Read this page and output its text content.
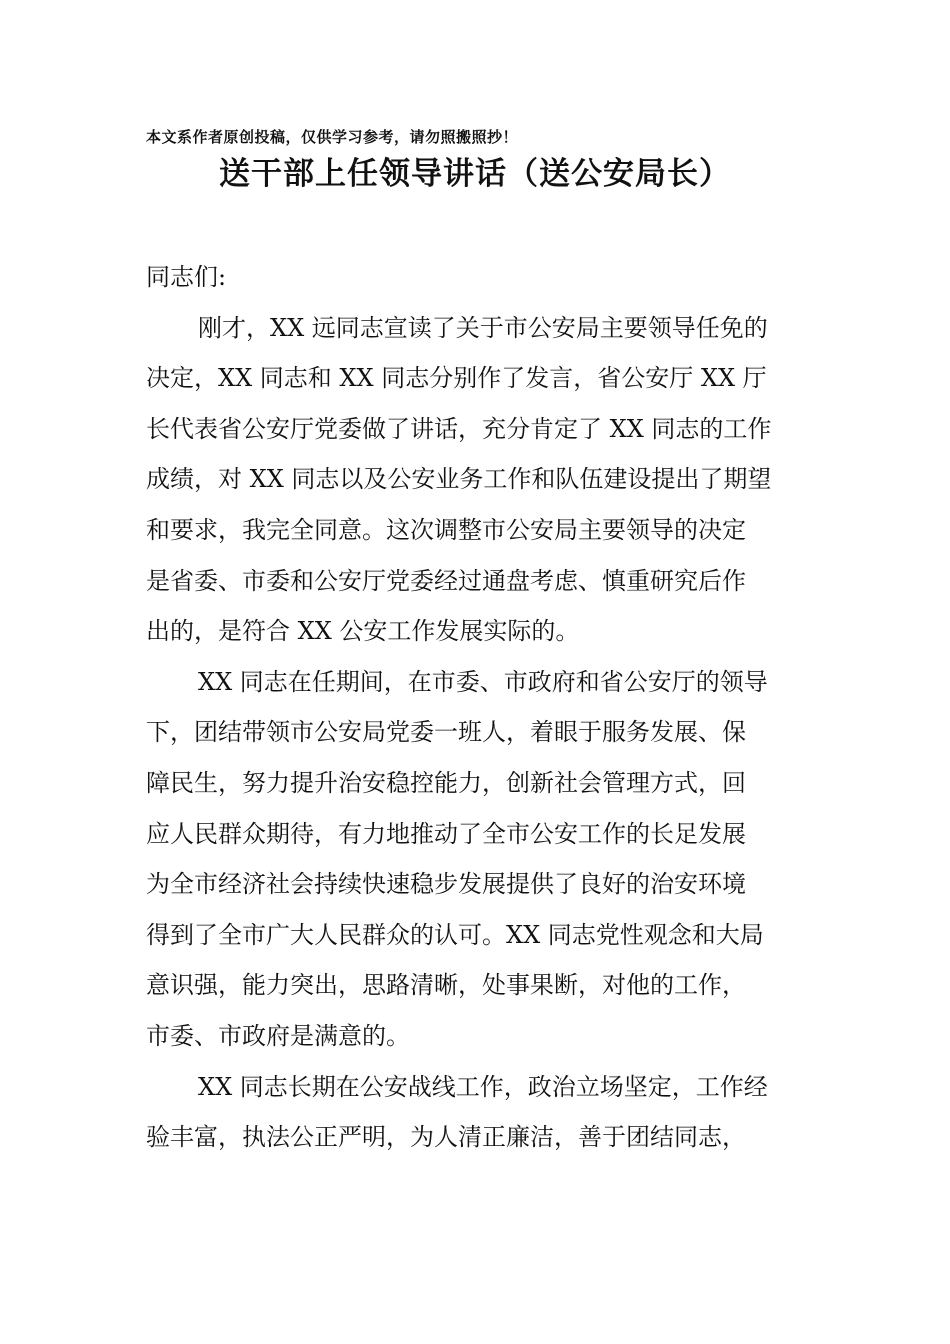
本文系作者原创投稿，仅供学习参考，请勿照搬照抄！
送干部上任领导讲话（送公安局长）
同志们:
刚才，XX 远同志宣读了关于市公安局主要领导任免的
决定，XX 同志和 XX 同志分别作了发言，省公安厅 XX 厅
长代表省公安厅党委做了讲话，充分肯定了 XX 同志的工作
成绩，对 XX 同志以及公安业务工作和队伍建设提出了期望
和要求，我完全同意。这次调整市公安局主要领导的决定
是省委、市委和公安厅党委经过通盘考虑、慎重研究后作
出的，是符合 XX 公安工作发展实际的。
XX 同志在任期间，在市委、市政府和省公安厅的领导
下，团结带领市公安局党委一班人，着眼于服务发展、保
障民生，努力提升治安稳控能力，创新社会管理方式，回
应人民群众期待，有力地推动了全市公安工作的长足发展
为全市经济社会持续快速稳步发展提供了良好的治安环境
得到了全市广大人民群众的认可。XX 同志党性观念和大局
意识强，能力突出，思路清晰，处事果断，对他的工作，
市委、市政府是满意的。
XX 同志长期在公安战线工作，政治立场坚定，工作经
验丰富，执法公正严明，为人清正廉洁，善于团结同志，
